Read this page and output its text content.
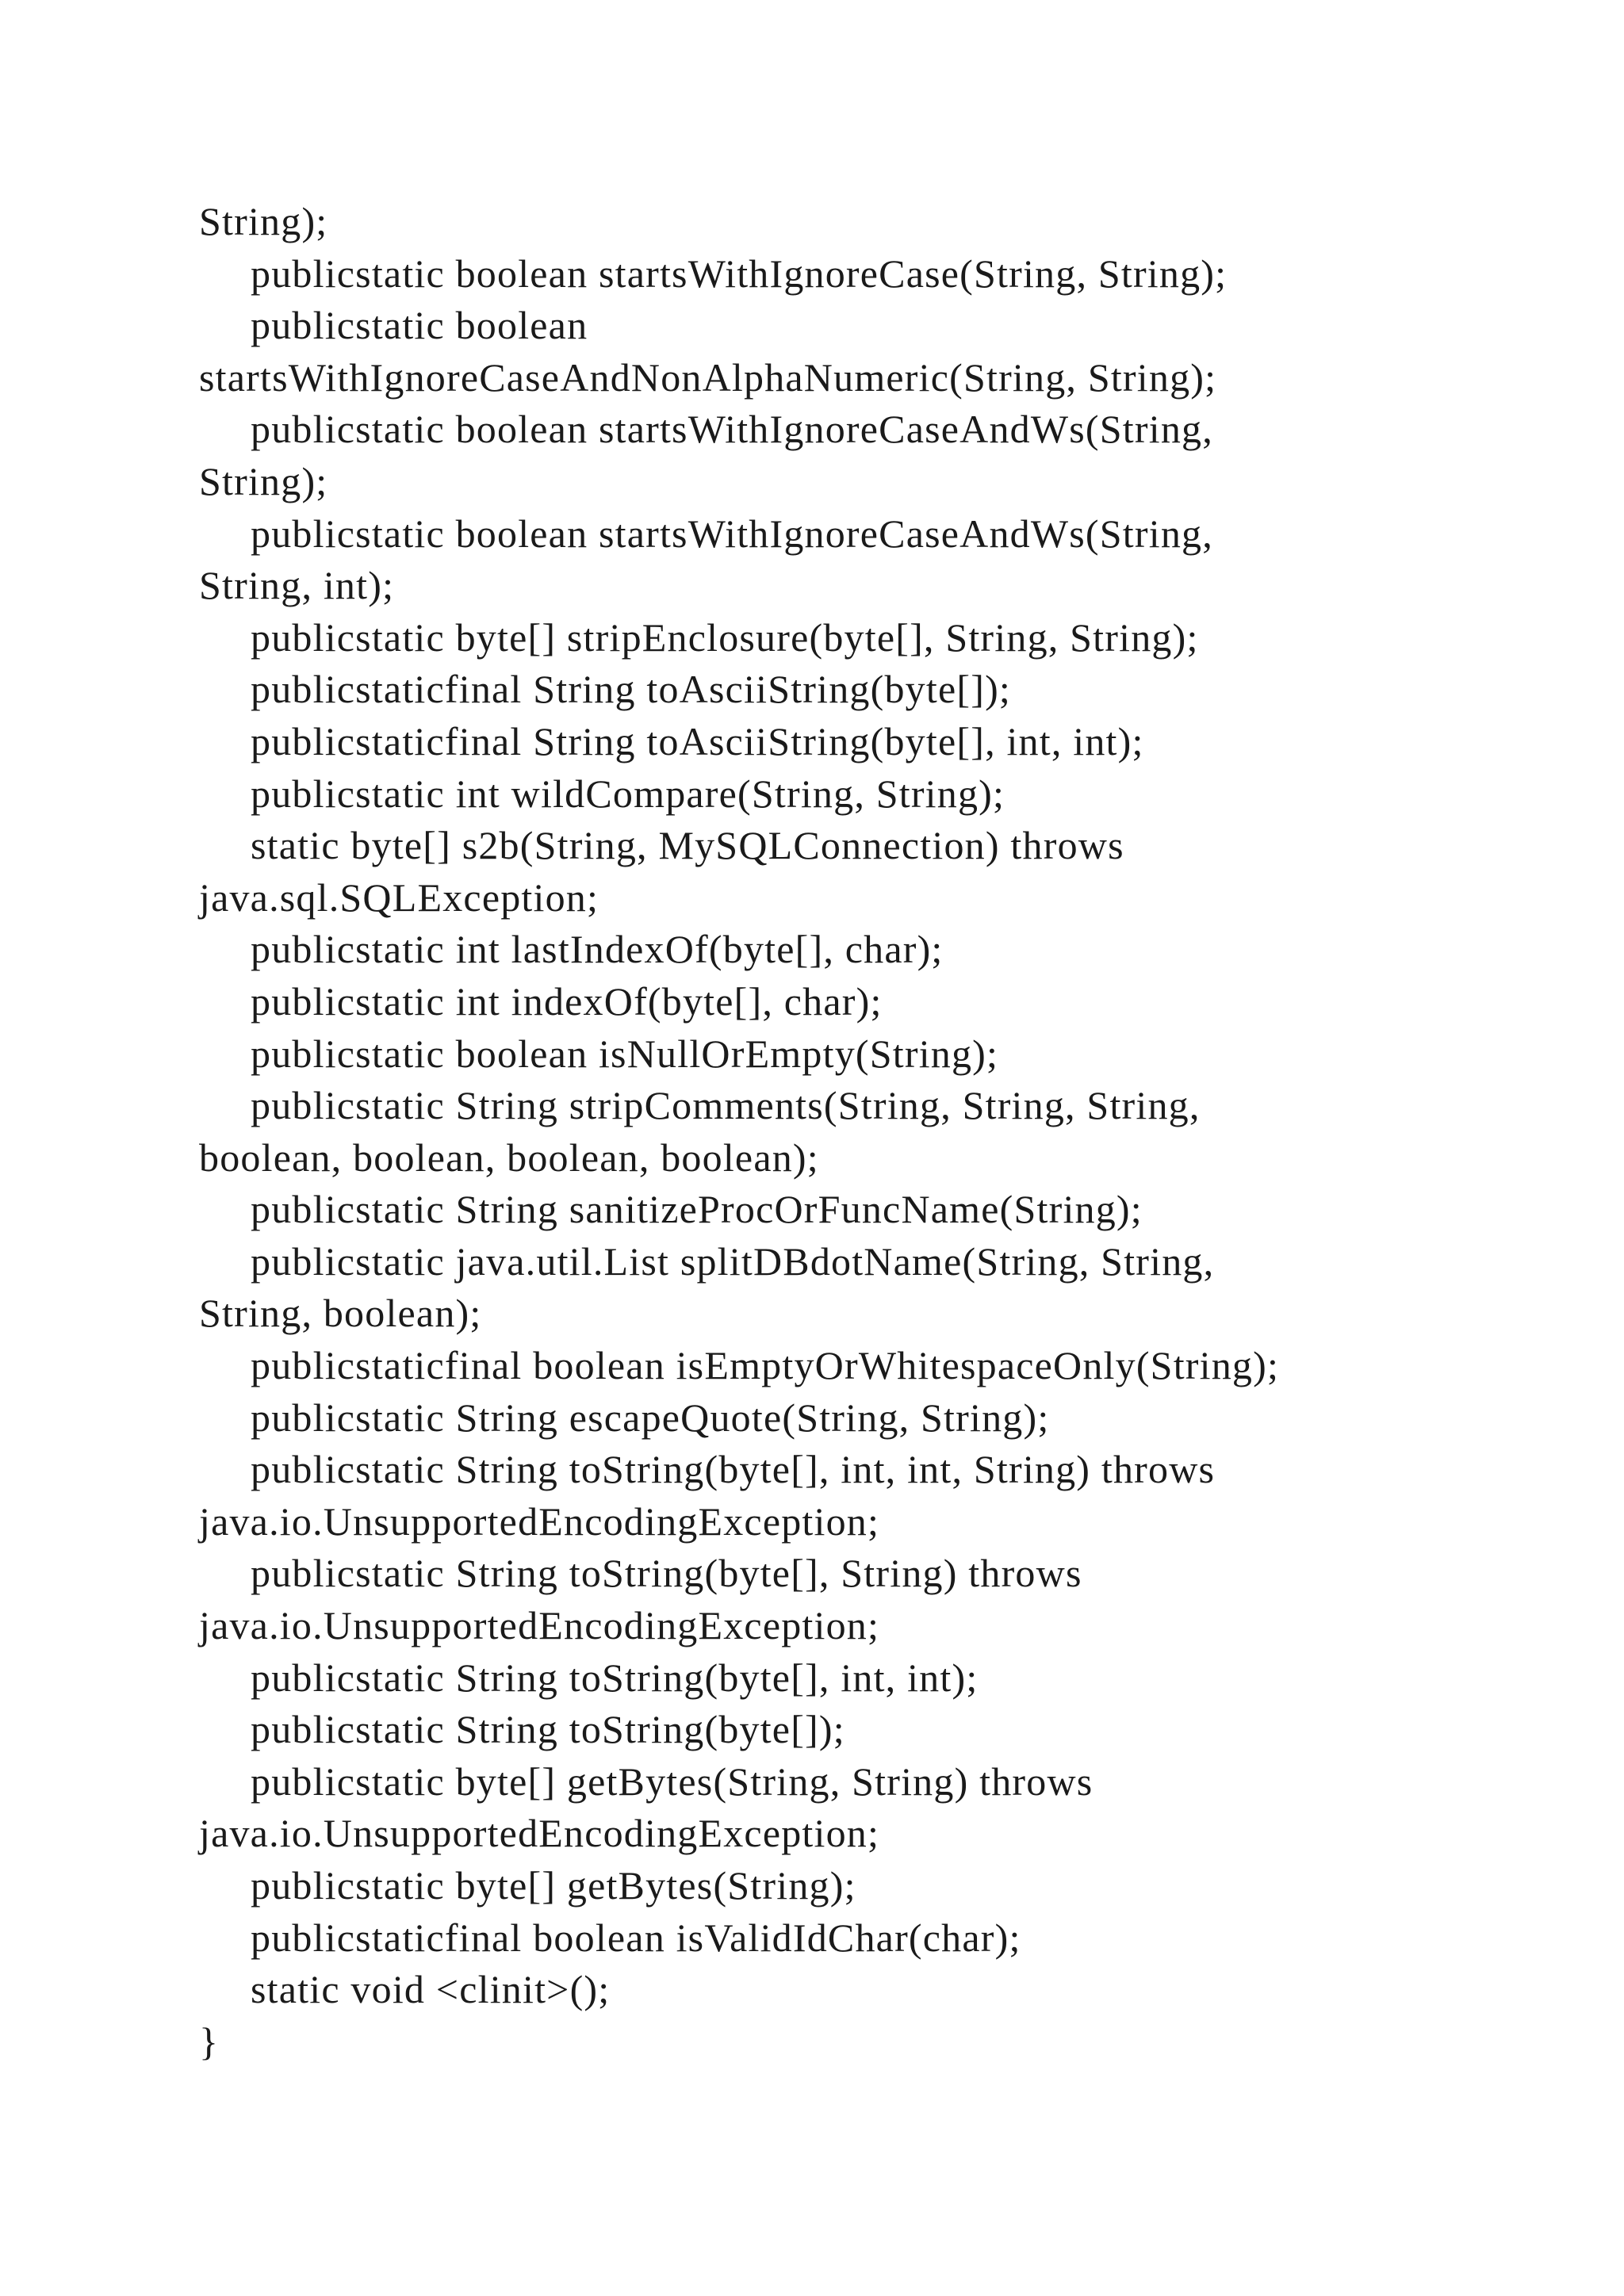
String);
publicstatic boolean startsWithIgnoreCase(String, String);
publicstatic boolean
startsWithIgnoreCaseAndNonAlphaNumeric(String, String);
publicstatic boolean startsWithIgnoreCaseAndWs(String,
String);
publicstatic boolean startsWithIgnoreCaseAndWs(String,
String, int);
publicstatic byte[] stripEnclosure(byte[], String, String);
publicstaticfinal String toAsciiString(byte[]);
publicstaticfinal String toAsciiString(byte[], int, int);
publicstatic int wildCompare(String, String);
static byte[] s2b(String, MySQLConnection) throws
java.sql.SQLException;
publicstatic int lastIndexOf(byte[], char);
publicstatic int indexOf(byte[], char);
publicstatic boolean isNullOrEmpty(String);
publicstatic String stripComments(String, String, String,
boolean, boolean, boolean, boolean);
publicstatic String sanitizeProcOrFuncName(String);
publicstatic java.util.List splitDBdotName(String, String,
String, boolean);
publicstaticfinal boolean isEmptyOrWhitespaceOnly(String);
publicstatic String escapeQuote(String, String);
publicstatic String toString(byte[], int, int, String) throws
java.io.UnsupportedEncodingException;
publicstatic String toString(byte[], String) throws
java.io.UnsupportedEncodingException;
publicstatic String toString(byte[], int, int);
publicstatic String toString(byte[]);
publicstatic byte[] getBytes(String, String) throws
java.io.UnsupportedEncodingException;
publicstatic byte[] getBytes(String);
publicstaticfinal boolean isValidIdChar(char);
static void <clinit>();
}
